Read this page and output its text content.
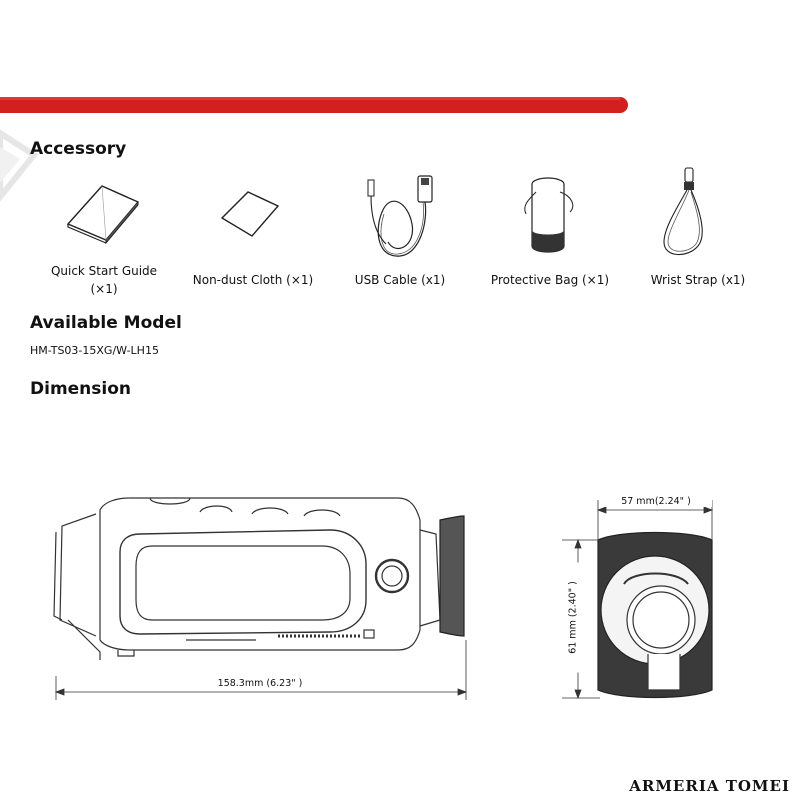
Accessory
Quick Start Guide
(×1)
Non-dust Cloth (×1)	USB Cable (x1)	Protective Bag (×1)	Wrist Strap (x1)
Available Model
HM-TS03-15XG/W-LH15
Dimension
158.3mm (6.23" )
57 mm(2.24" )
61 mm (2.40" )
ARMERIA TOMEI
